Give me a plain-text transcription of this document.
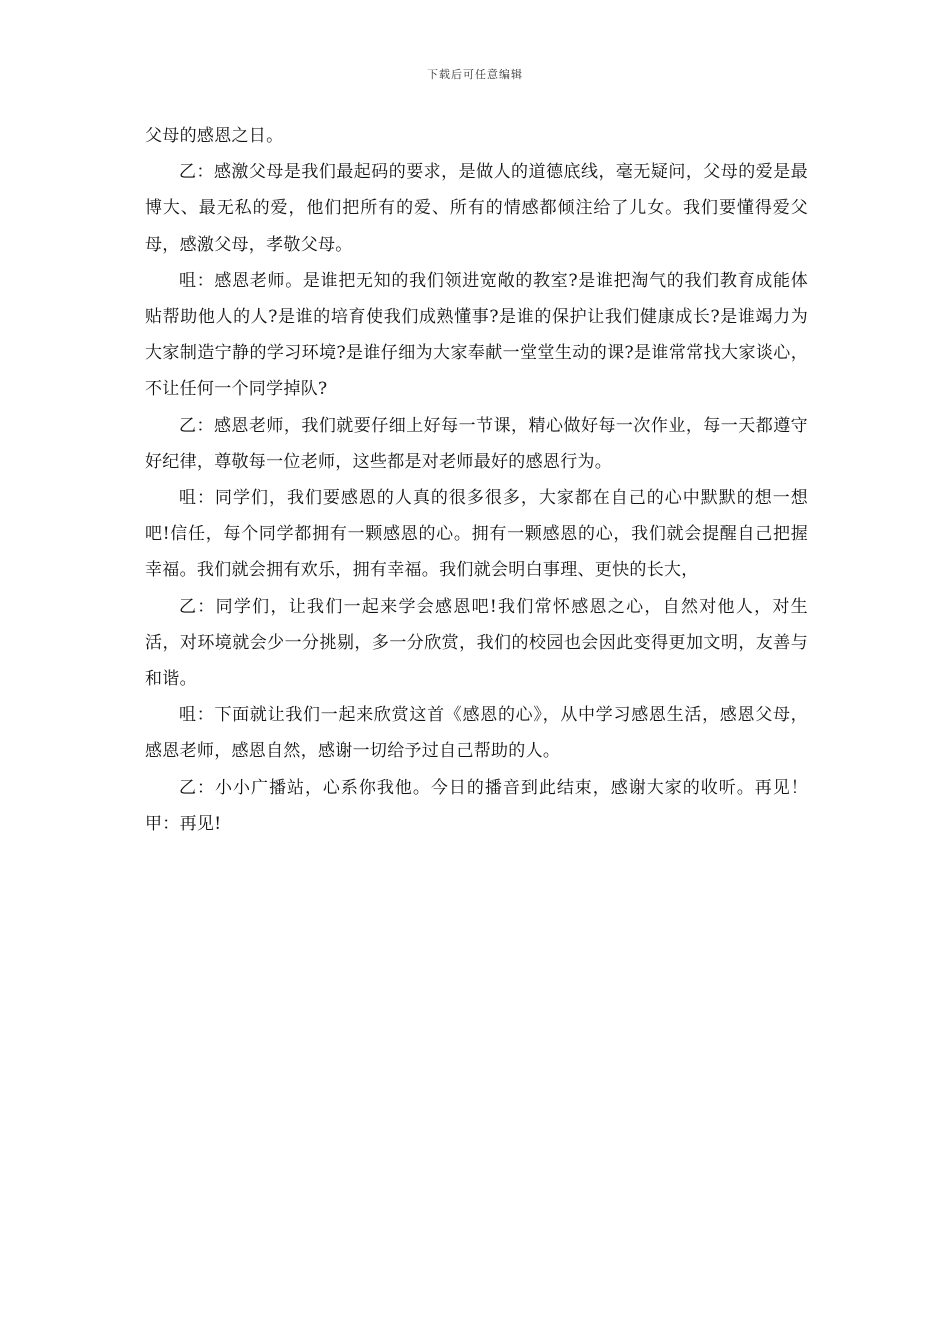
下载后可任意编辑

父母的感恩之日。

乙：感激父母是我们最起码的要求，是做人的道德底线，毫无疑问，父母的爱是最博大、最无私的爱，他们把所有的爱、所有的情感都倾注给了儿女。我们要懂得爱父母，感激父母，孝敬父母。

咀：感恩老师。是谁把无知的我们领进宽敞的教室?是谁把淘气的我们教育成能体贴帮助他人的人?是谁的培育使我们成熟懂事?是谁的保护让我们健康成长?是谁竭力为大家制造宁静的学习环境?是谁仔细为大家奉献一堂堂生动的课?是谁常常找大家谈心，不让任何一个同学掉队?

乙：感恩老师，我们就要仔细上好每一节课，精心做好每一次作业，每一天都遵守好纪律，尊敬每一位老师，这些都是对老师最好的感恩行为。

咀：同学们，我们要感恩的人真的很多很多，大家都在自己的心中默默的想一想吧!信任，每个同学都拥有一颗感恩的心。拥有一颗感恩的心，我们就会提醒自己把握幸福。我们就会拥有欢乐，拥有幸福。我们就会明白事理、更快的长大，

乙：同学们，让我们一起来学会感恩吧!我们常怀感恩之心，自然对他人，对生活，对环境就会少一分挑剔，多一分欣赏，我们的校园也会因此变得更加文明，友善与和谐。

咀：下面就让我们一起来欣赏这首《感恩的心》，从中学习感恩生活，感恩父母，感恩老师，感恩自然，感谢一切给予过自己帮助的人。

乙：小小广播站，心系你我他。今日的播音到此结束，感谢大家的收听。再见！甲：再见!
